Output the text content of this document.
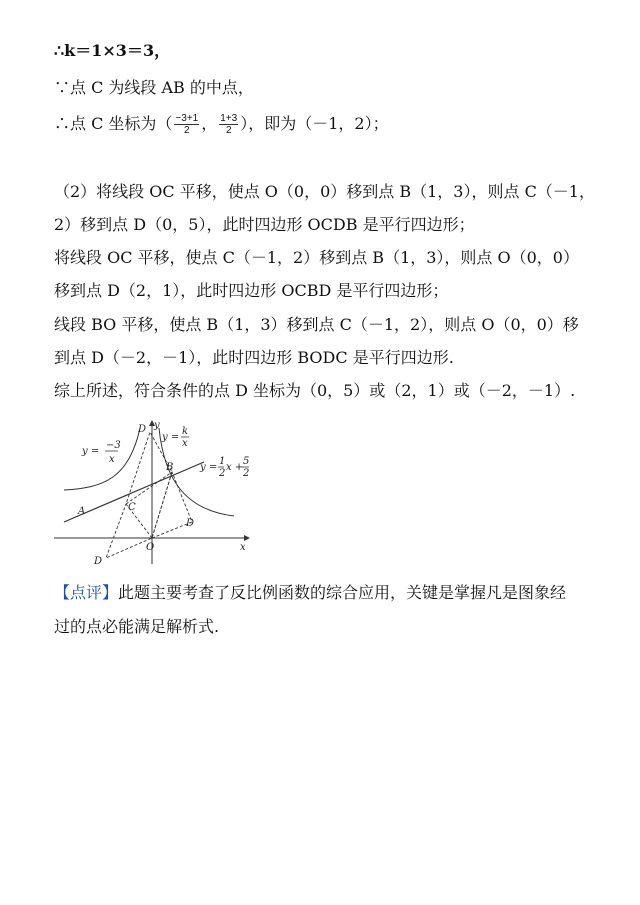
∴k＝1×3＝3，
∵点 C 为线段 AB 的中点，
∴点 C 坐标为（ $\frac{-3+1}{2}$ ， $\frac{1+3}{2}$ ），即为（－1，2）；
（2）将线段 OC 平移，使点 O（0，0）移到点 B（1，3），则点 C（－1，
2）移到点 D（0，5），此时四边形 OCDB 是平行四边形；
将线段 OC 平移，使点 C（－1，2）移到点 B（1，3），则点 O（0，0）
移到点 D（2，1），此时四边形 OCBD 是平行四边形；
线段 BO 平移，使点 B（1，3）移到点 C（－1，2），则点 O（0，0）移
到点 D（－2，－1），此时四边形 BODC 是平行四边形.
综上所述，符合条件的点 D 坐标为（0，5）或（2，1）或（－2，－1）.
y =
−3
x
D y
y =
k
x
B	y =
1
2
x +
5
2
A	C
D
D
O	x
【点评】此题主要考查了反比例函数的综合应用，关键是掌握凡是图象经
过的点必能满足解析式.
